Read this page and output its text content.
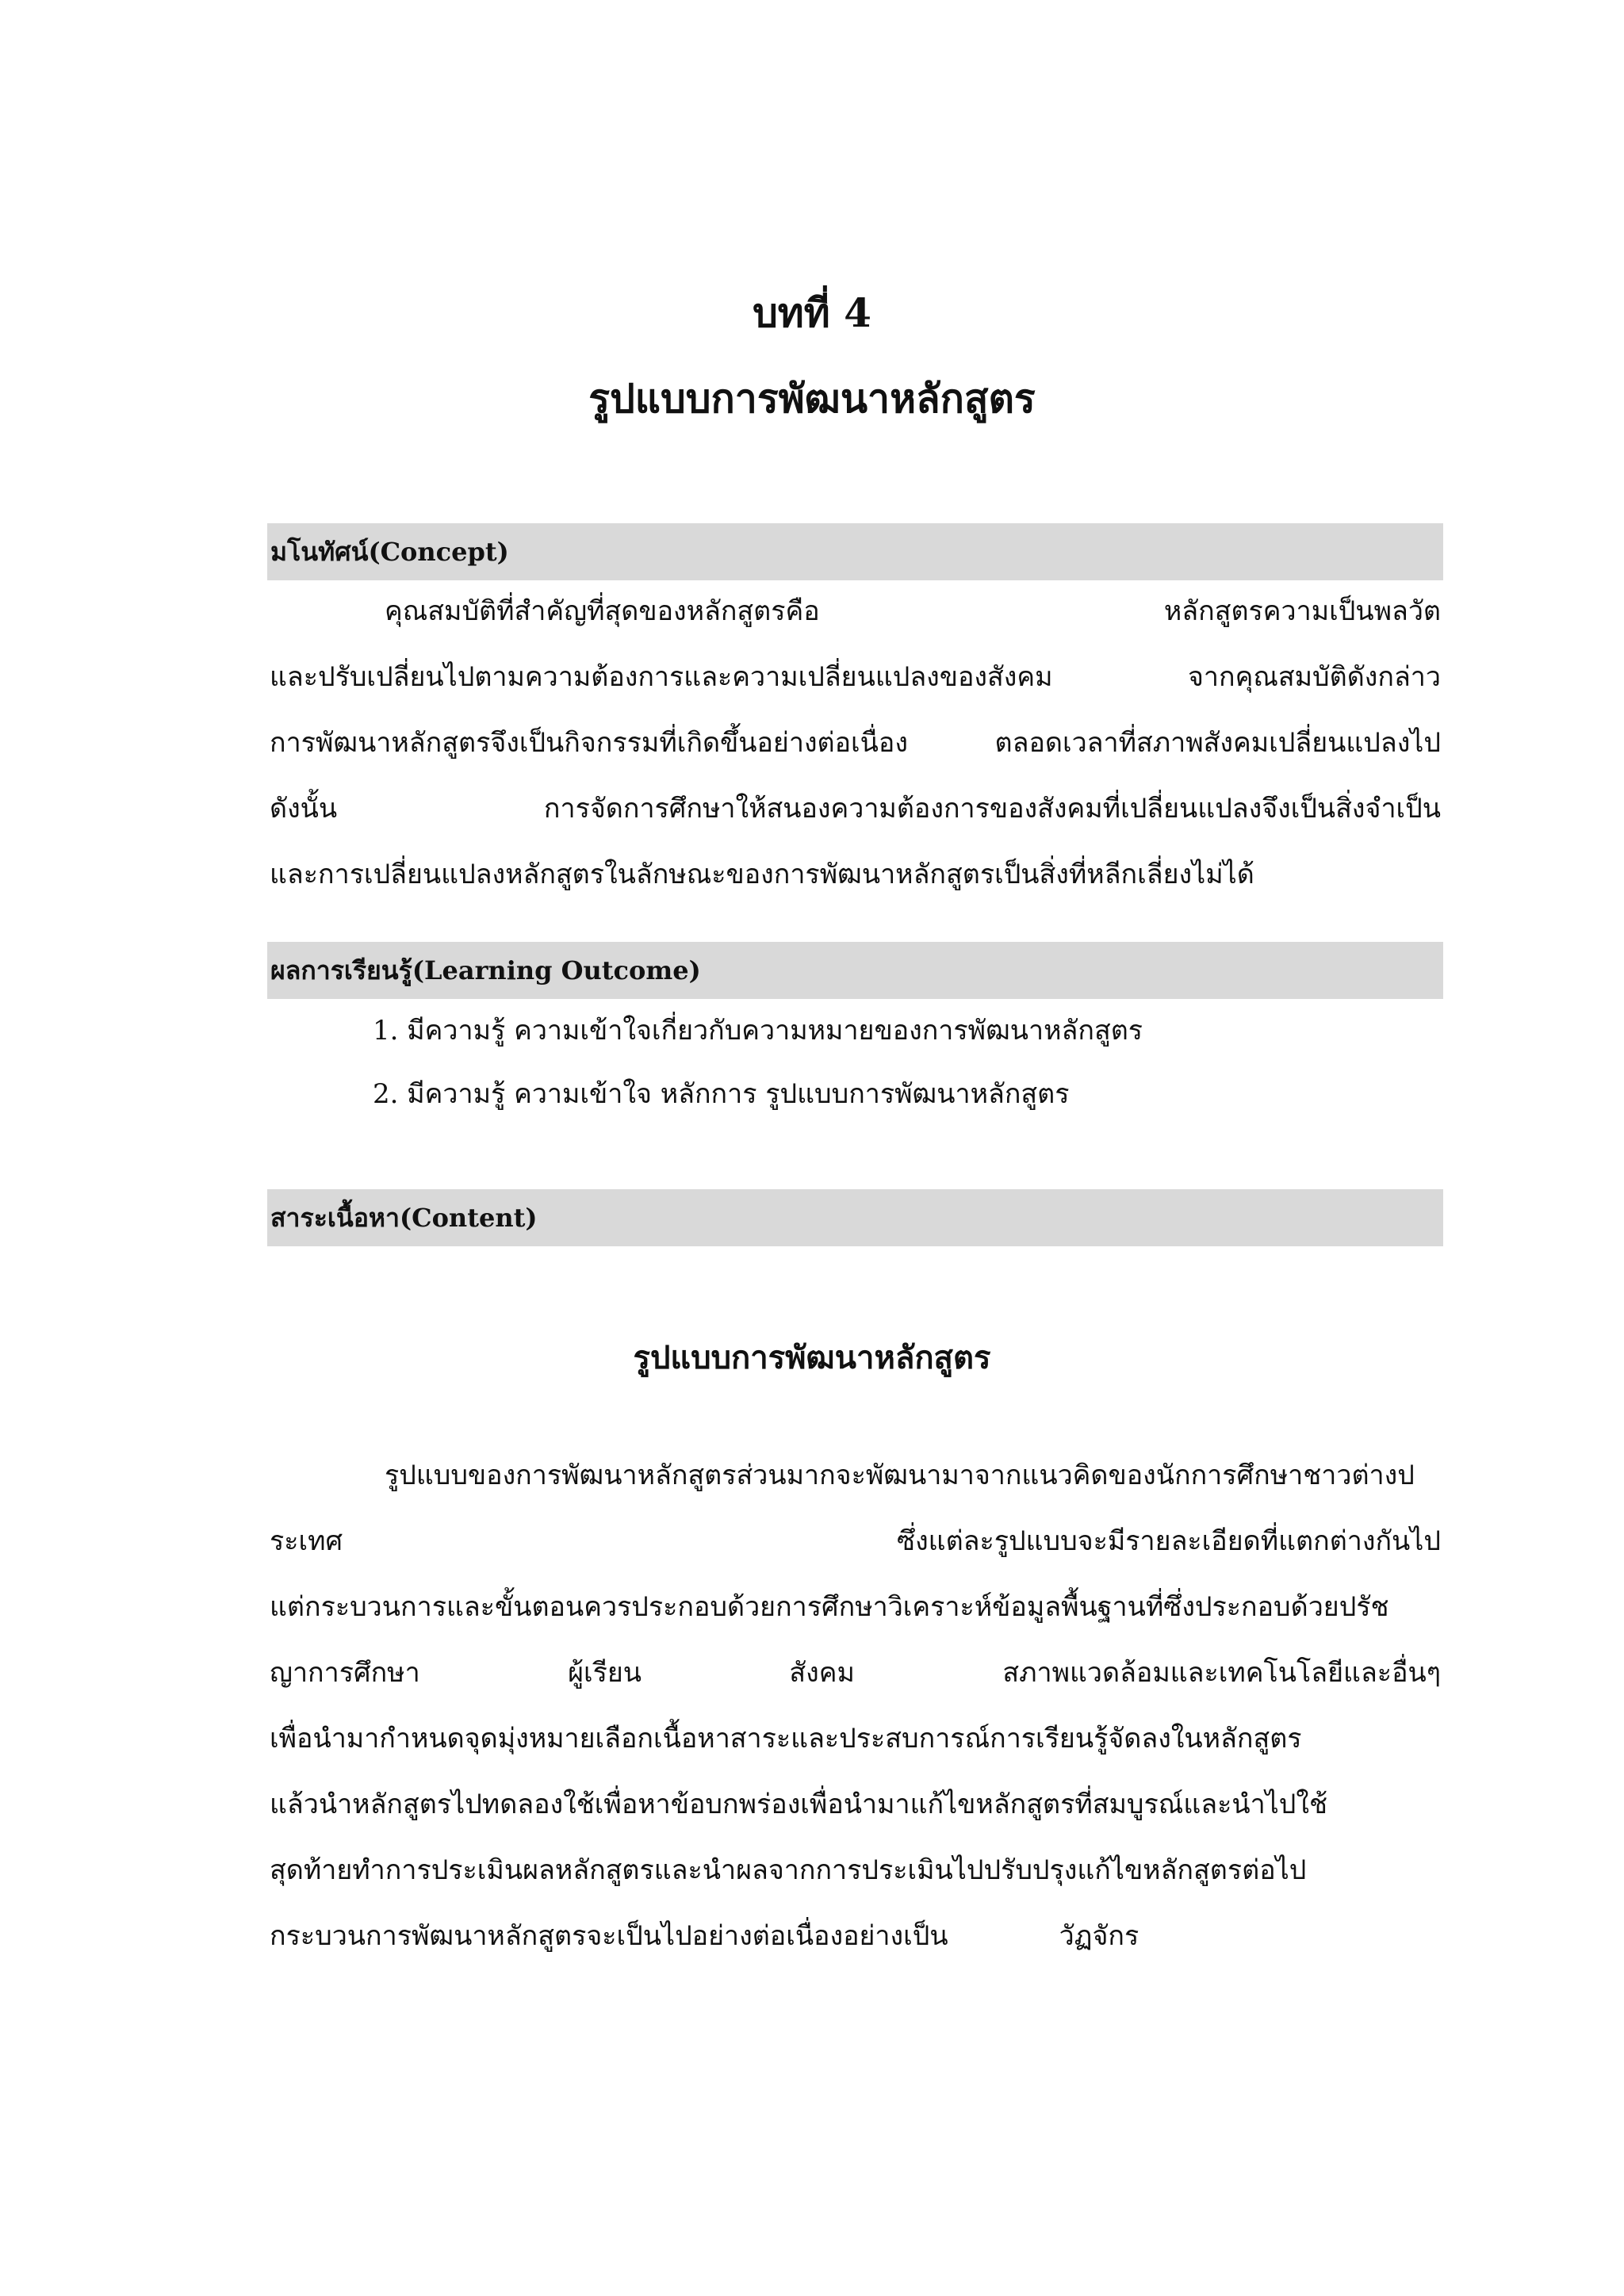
บทที่ 4
รูปแบบการพัฒนาหลักสูตร
มโนทัศน์(Concept)
คุณสมบัติที่สำคัญที่สุดของหลักสูตรคือ หลักสูตรความเป็นพลวัต
และปรับเปลี่ยนไปตามความต้องการและความเปลี่ยนแปลงของสังคม จากคุณสมบัติดังกล่าว
การพัฒนาหลักสูตรจึงเป็นกิจกรรมที่เกิดขึ้นอย่างต่อเนื่อง ตลอดเวลาที่สภาพสังคมเปลี่ยนแปลงไป
ดังนั้น การจัดการศึกษาให้สนองความต้องการของสังคมที่เปลี่ยนแปลงจึงเป็นสิ่งจำเป็น
และการเปลี่ยนแปลงหลักสูตรในลักษณะของการพัฒนาหลักสูตรเป็นสิ่งที่หลีกเลี่ยงไม่ได้
ผลการเรียนรู้(Learning Outcome)
1. มีความรู้ ความเข้าใจเกี่ยวกับความหมายของการพัฒนาหลักสูตร
2. มีความรู้ ความเข้าใจ หลักการ รูปแบบการพัฒนาหลักสูตร
สาระเนื้อหา(Content)
รูปแบบการพัฒนาหลักสูตร
รูปแบบของการพัฒนาหลักสูตรส่วนมากจะพัฒนามาจากแนวคิดของนักการศึกษาชาวต่างป
ระเทศ ซึ่งแต่ละรูปแบบจะมีรายละเอียดที่แตกต่างกันไป
แต่กระบวนการและขั้นตอนควรประกอบด้วยการศึกษาวิเคราะห์ข้อมูลพื้นฐานที่ซึ่งประกอบด้วยปรัช
ญาการศึกษา ผู้เรียน สังคม สภาพแวดล้อมและเทคโนโลยีและอื่นๆ
เพื่อนำมากำหนดจุดมุ่งหมายเลือกเนื้อหาสาระและประสบการณ์การเรียนรู้จัดลงในหลักสูตร
แล้วนำหลักสูตรไปทดลองใช้เพื่อหาข้อบกพร่องเพื่อนำมาแก้ไขหลักสูตรที่สมบูรณ์และนำไปใช้
สุดท้ายทำการประเมินผลหลักสูตรและนำผลจากการประเมินไปปรับปรุงแก้ไขหลักสูตรต่อไป
กระบวนการพัฒนาหลักสูตรจะเป็นไปอย่างต่อเนื่องอย่างเป็น	วัฏจักร
